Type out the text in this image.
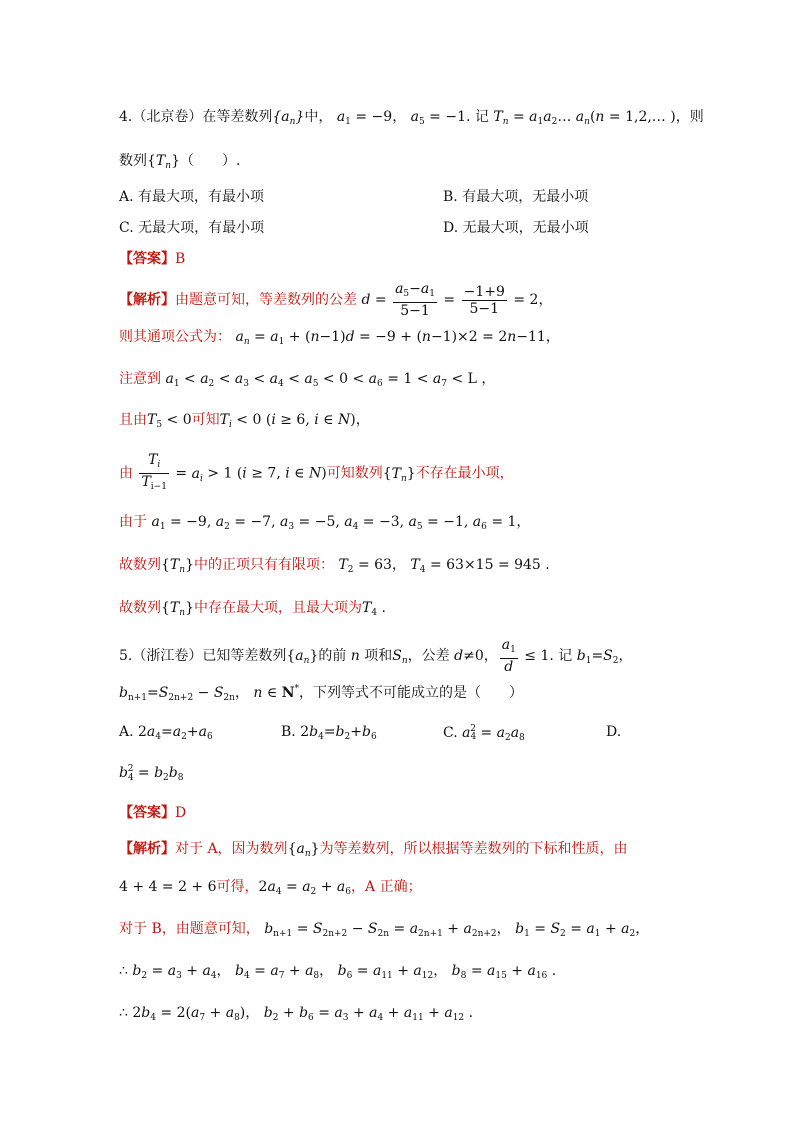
4.（北京卷）在等差数列$\{a_n\}$中， $a_1 = -9$， $a_5 = -1$. 记 $T_n$ = $a_1a_2\dots$ $a_n(n$ = 1,2,… )，则
数列$\{T_n\}$（　　）.
A. 有最大项，有最小项	B. 有最大项，无最小项
C. 无最大项，有最小项	D. 无最大项，无最小项
【答案】B
【解析】由题意可知，等差数列的公差 $d = \frac{a_5-a_1}{5-1} = \frac{-1+9}{5-1} = 2$，
则其通项公式为： $a_n = a_1 + (n-1)d = -9 + (n-1)\times 2 = 2n-11$，
注意到 $a_1 < a_2 < a_3 < a_4 < a_5 < 0 < a_6 = 1 < a_7 < L$ ，
且由$T_5 < 0$可知$T_i < 0$ (i ≥ 6, i ∈ N)，
由 $\frac{T_i}{T_{i-1}} = a_i > 1$ (i ≥ 7, i ∈ N)可知数列$\{T_n\}$不存在最小项，
由于 $a_1 = -9$, $a_2 = -7$, $a_3 = -5$, $a_4 = -3$, $a_5 = -1$, $a_6 = 1$，
故数列$\{T_n\}$中的正项只有有限项： $T_2 = 63$， $T_4 = 63\times 15 = 945$ .
故数列$\{T_n\}$中存在最大项，且最大项为$T_4$ .
5.（浙江卷）已知等差数列$\{a_n\}$的前 n 项和$S_n$，公差 d≠0， $\frac{a_1}{d} \le 1$. 记 $b_1=S_2$，
$b_{n+1}=S_{2n+2} - S_{2n}$， n ∈ N*，下列等式不可能成立的是（　　）
A. $2a_4=a_2+a_6$	B. $2b_4=b_2+b_6$	C. $a_4^2 = a_2a_8$	D.
$b_4^2 = b_2b_8$
【答案】D
【解析】对于 A，因为数列$\{a_n\}$为等差数列，所以根据等差数列的下标和性质，由
4 + 4 = 2 + 6可得，$2a_4 = a_2 + a_6$，A 正确；
对于 B，由题意可知， $b_{n+1} = S_{2n+2} - S_{2n} = a_{2n+1} + a_{2n+2}$， $b_1 = S_2 = a_1 + a_2$，
∴ $b_2 = a_3 + a_4$， $b_4 = a_7 + a_8$， $b_6 = a_{11} + a_{12}$， $b_8 = a_{15} + a_{16}$ .
∴ $2b_4 = 2(a_7 + a_8)$， $b_2 + b_6 = a_3 + a_4 + a_{11} + a_{12}$ .
